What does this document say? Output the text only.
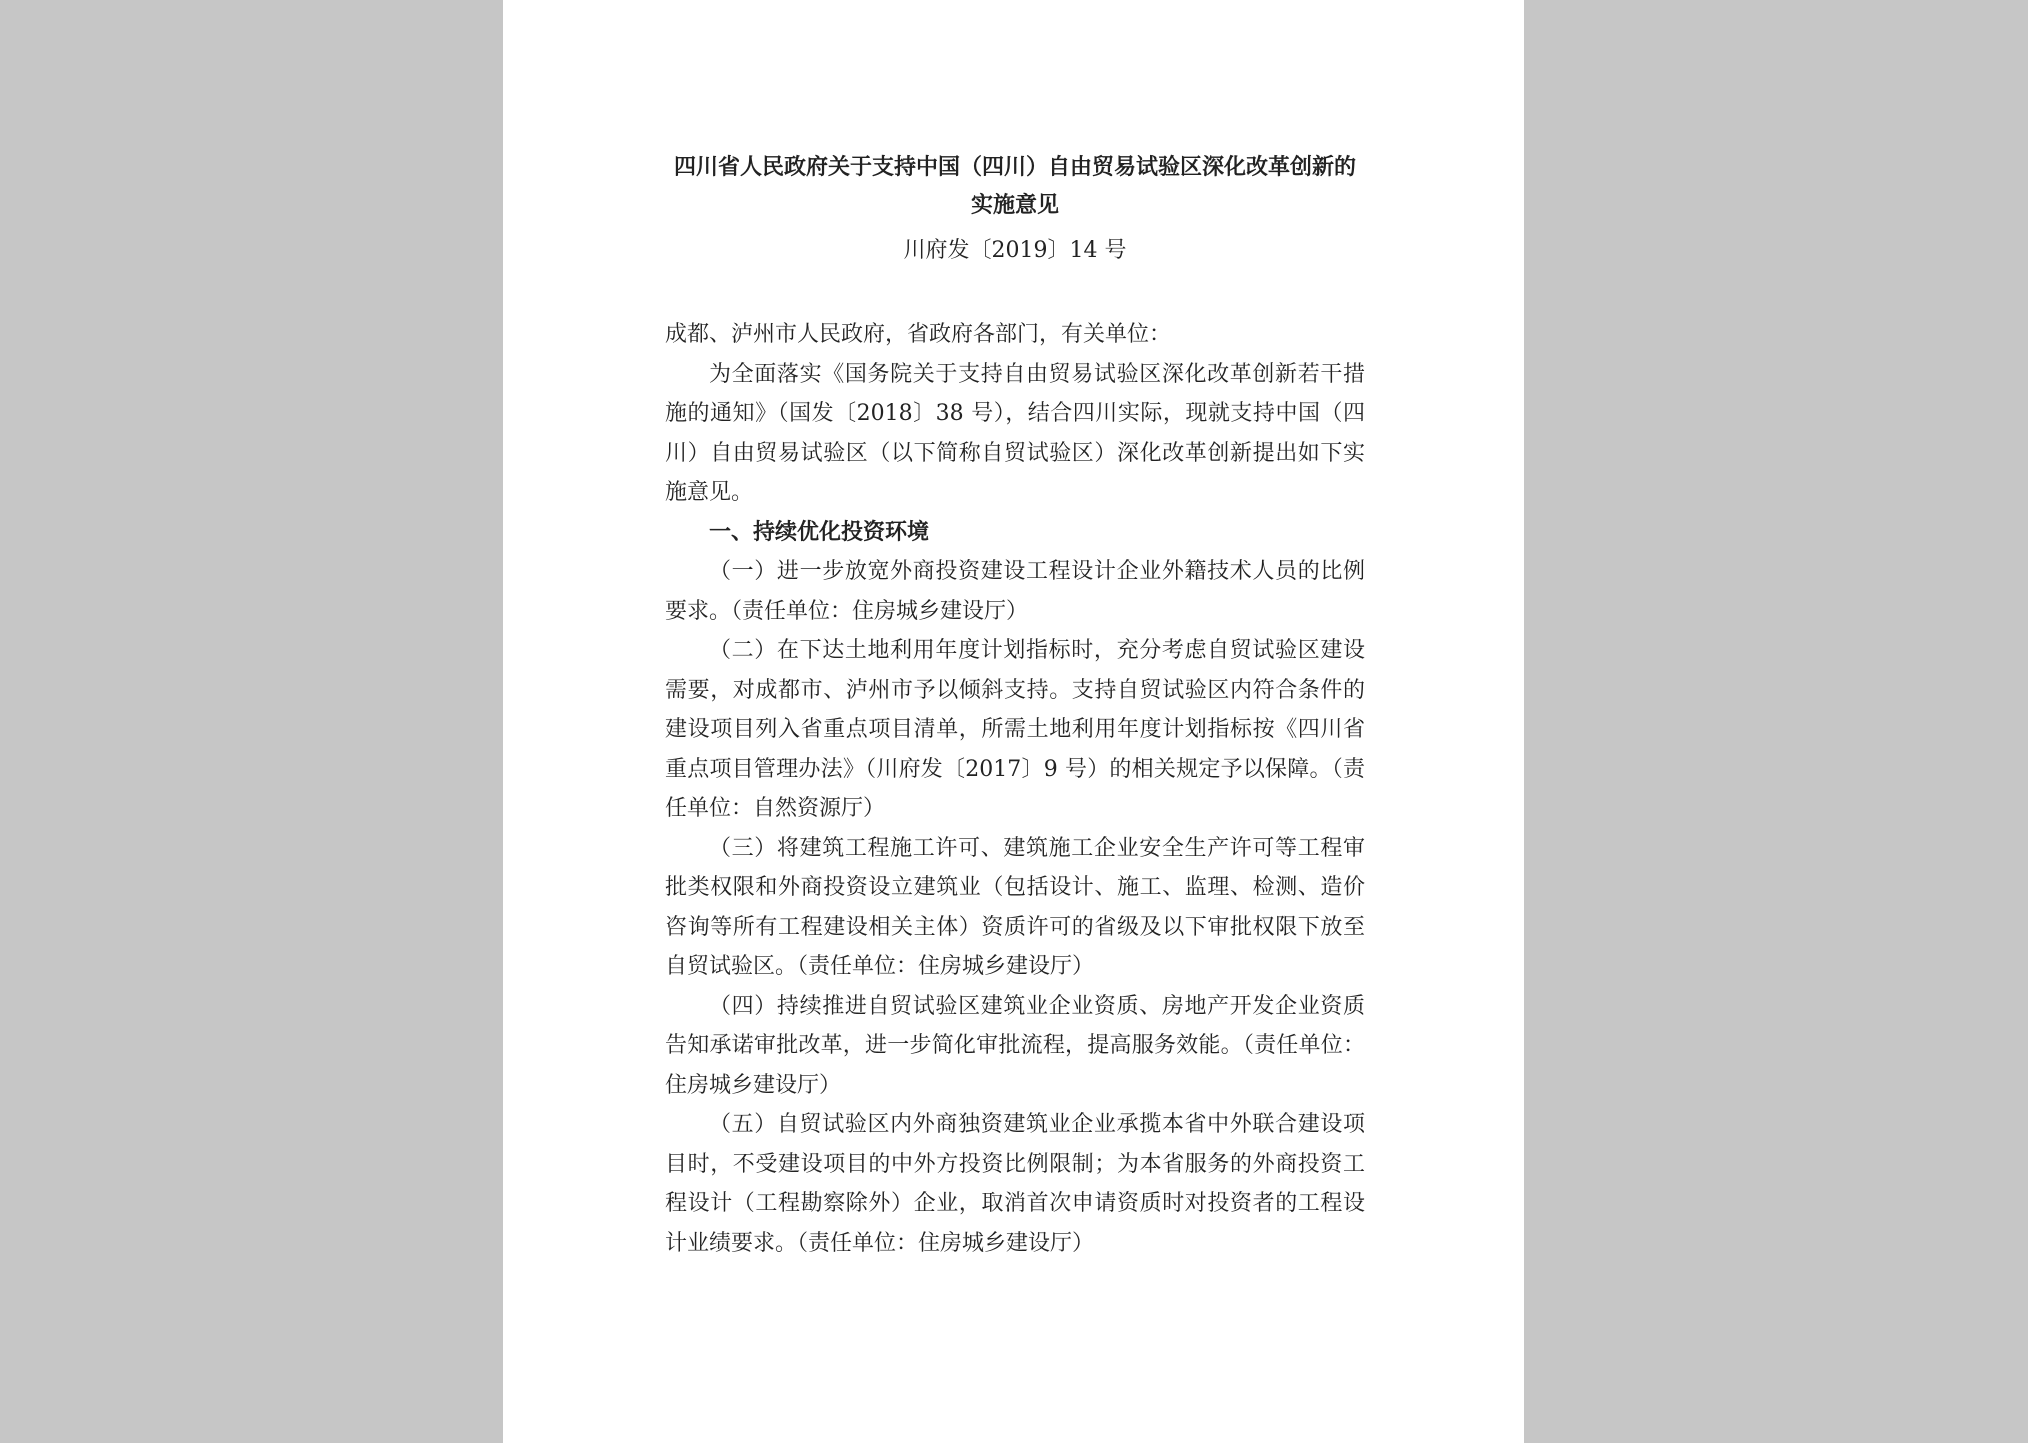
四川省人民政府关于支持中国（四川）自由贸易试验区深化改革创新的实施意见
川府发〔2019〕14 号
成都、泸州市人民政府，省政府各部门，有关单位：

为全面落实《国务院关于支持自由贸易试验区深化改革创新若干措施的通知》（国发〔2018〕38 号），结合四川实际，现就支持中国（四川）自由贸易试验区（以下简称自贸试验区）深化改革创新提出如下实施意见。

一、持续优化投资环境

（一）进一步放宽外商投资建设工程设计企业外籍技术人员的比例要求。（责任单位：住房城乡建设厅）

（二）在下达土地利用年度计划指标时，充分考虑自贸试验区建设需要，对成都市、泸州市予以倾斜支持。支持自贸试验区内符合条件的建设项目列入省重点项目清单，所需土地利用年度计划指标按《四川省重点项目管理办法》（川府发〔2017〕9 号）的相关规定予以保障。（责任单位：自然资源厅）

（三）将建筑工程施工许可、建筑施工企业安全生产许可等工程审批类权限和外商投资设立建筑业（包括设计、施工、监理、检测、造价咨询等所有工程建设相关主体）资质许可的省级及以下审批权限下放至自贸试验区。（责任单位：住房城乡建设厅）

（四）持续推进自贸试验区建筑业企业资质、房地产开发企业资质告知承诺审批改革，进一步简化审批流程，提高服务效能。（责任单位：住房城乡建设厅）

（五）自贸试验区内外商独资建筑业企业承揽本省中外联合建设项目时，不受建设项目的中外方投资比例限制；为本省服务的外商投资工程设计（工程勘察除外）企业，取消首次申请资质时对投资者的工程设计业绩要求。（责任单位：住房城乡建设厅）
